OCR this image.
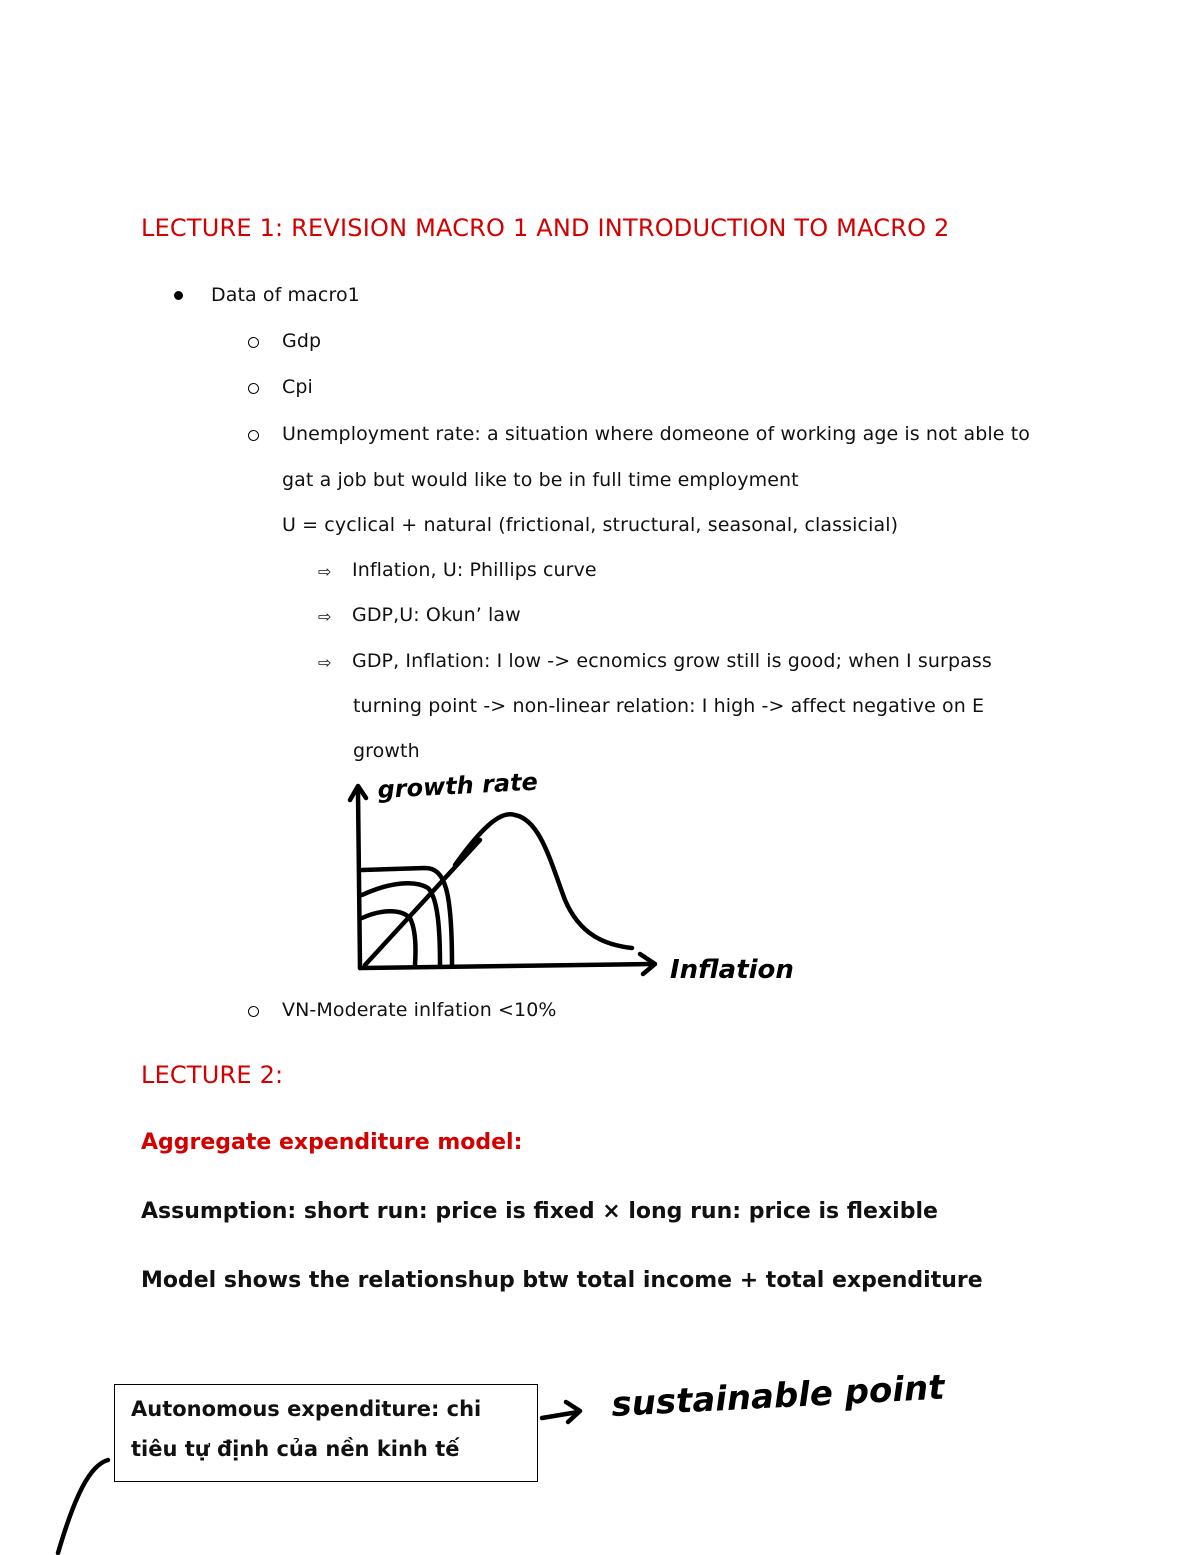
LECTURE 1: REVISION MACRO 1 AND INTRODUCTION TO MACRO 2
Data of macro1
Gdp
Cpi
Unemployment rate: a situation where domeone of working age is not able to
gat a job but would like to be in full time employment
U = cyclical + natural (frictional, structural, seasonal, classicial)
⇨ Inflation, U: Phillips curve
⇨ GDP,U: Okun’ law
⇨ GDP, Inflation: I low -> ecnomics grow still is good; when I surpass
turning point -> non-linear relation: I high -> affect negative on E
growth
growth rate
Inflation
VN-Moderate inlfation <10%
LECTURE 2:
Aggregate expenditure model:
Assumption: short run: price is fixed × long run: price is flexible
Model shows the relationshup btw total income + total expenditure
Autonomous expenditure: chi
tiêu tự định của nền kinh tế
sustainable point
